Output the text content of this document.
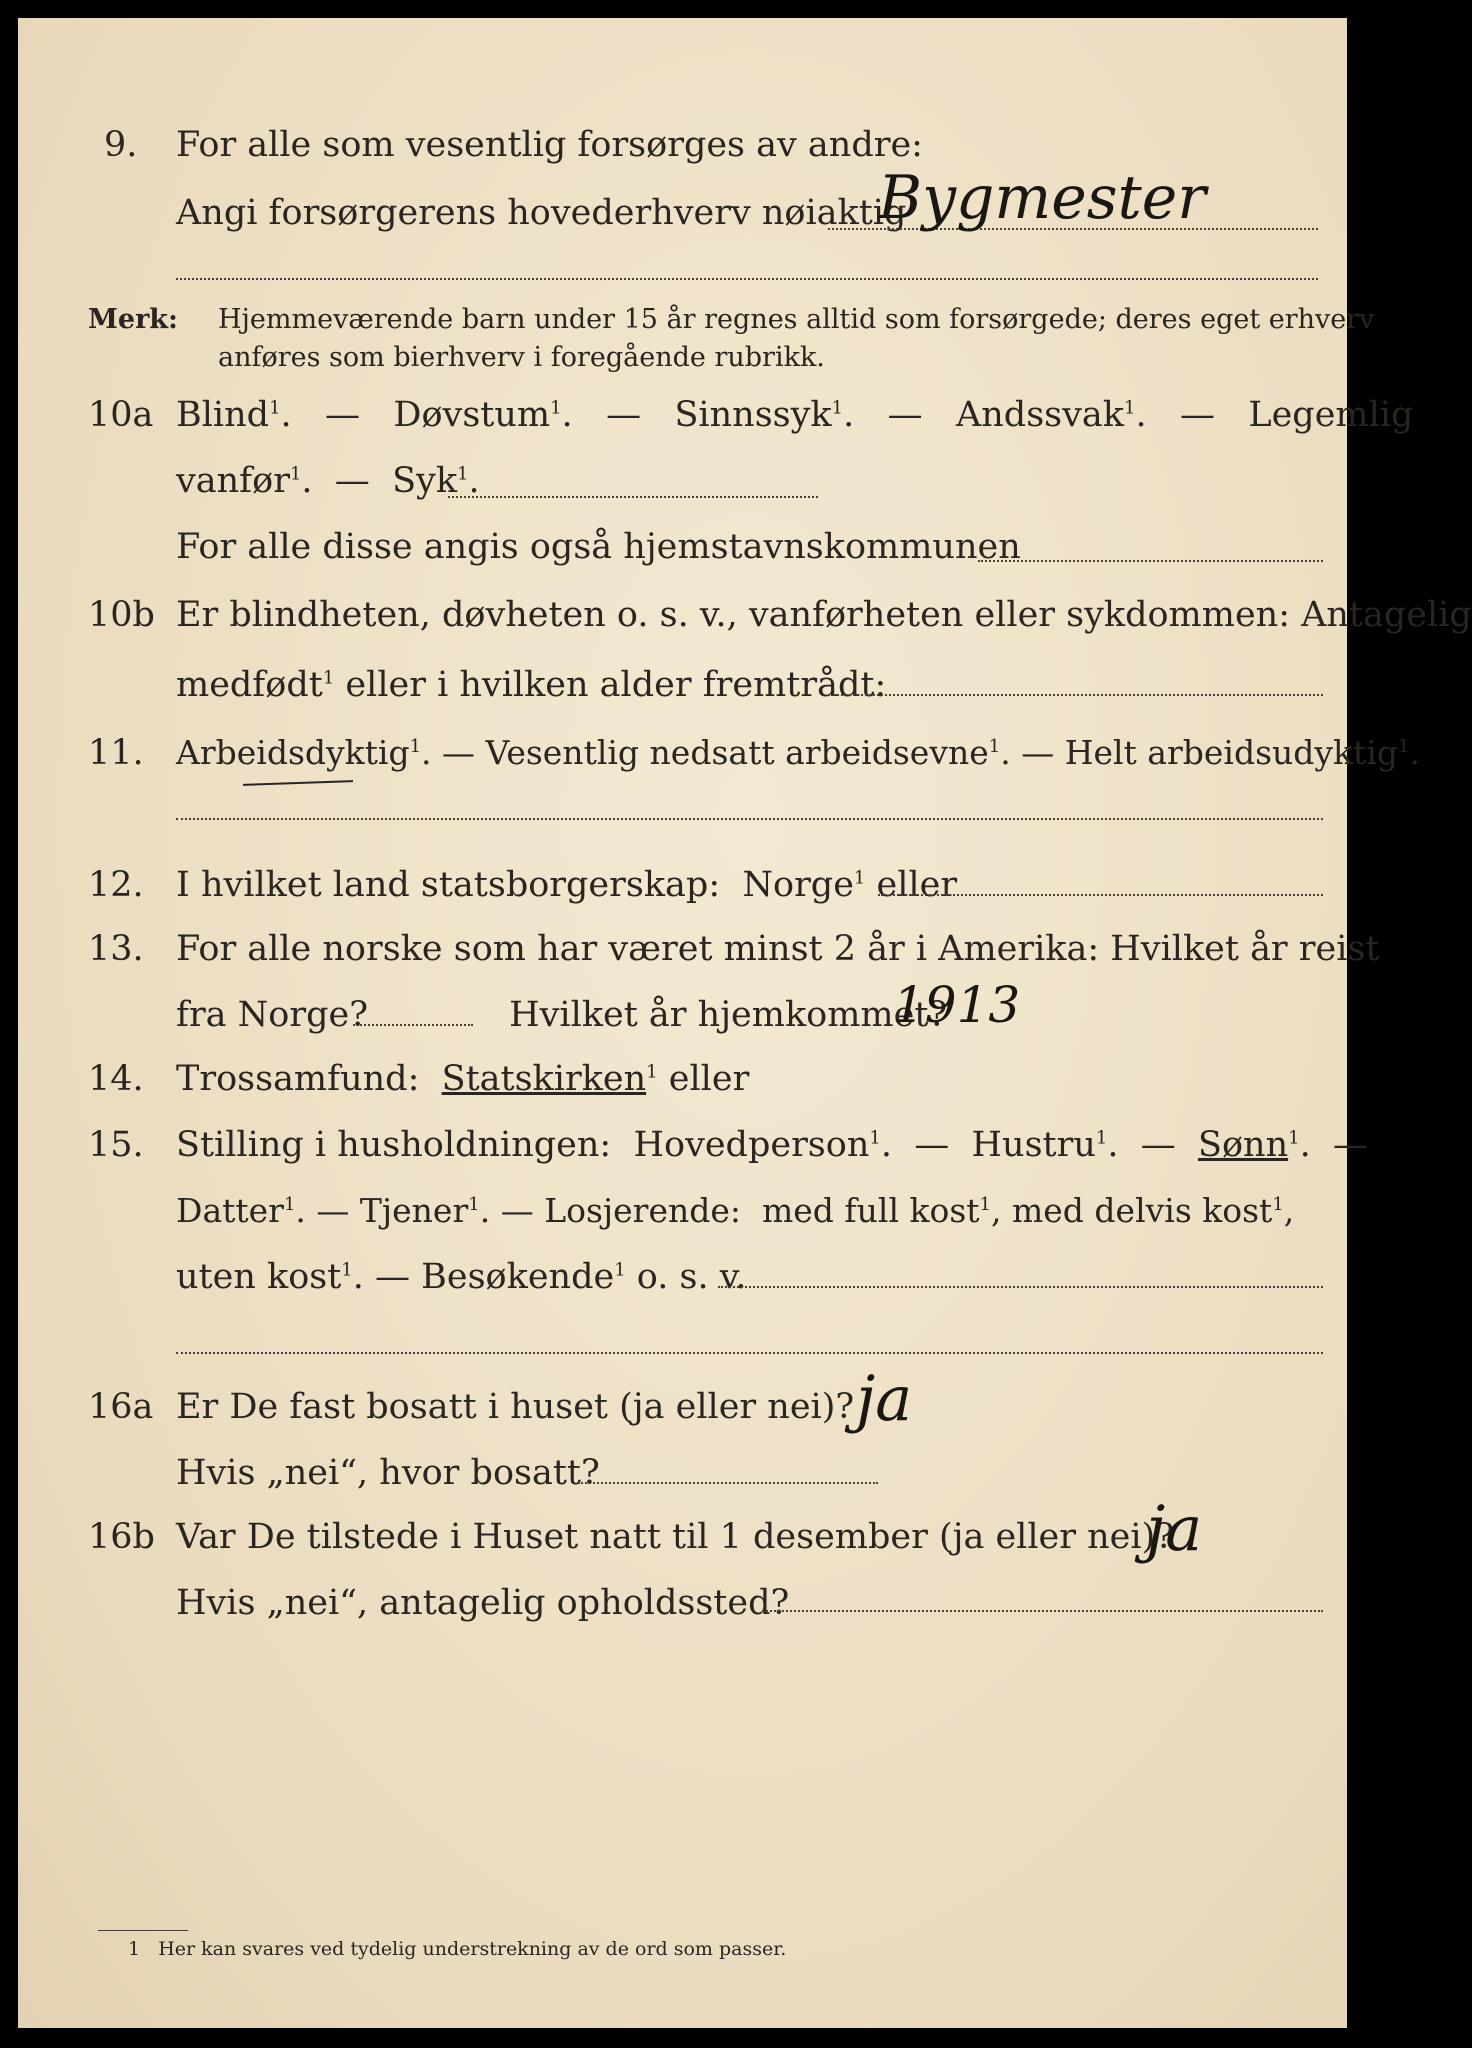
9. For alle som vesentlig forsørges av andre:
Angi forsørgerens hovederhverv nøiaktig
Bygmester
Merk: Hjemmeværende barn under 15 år regnes alltid som forsørgede; deres eget erhverv
anføres som bierhverv i foregående rubrikk.
10a Blind$^1$.   — Døvstum$^1$.   — Sinnssyk$^1$.   — Andssvak$^1$.   — Legemlig
vanfør$^1$.  — Syk$^1$.
For alle disse angis også hjemstavnskommunen
10b Er blindheten, døvheten o. s. v., vanførheten eller sykdommen: Antagelig
medfødt$^1$ eller i hvilken alder fremtrådt:
11. Arbeidsdyktig$^1$. — Vesentlig nedsatt arbeidsevne$^1$. — Helt arbeidsudyktig$^1$.
12. I hvilket land statsborgerskap: Norge$^1$ eller
13. For alle norske som har været minst 2 år i Amerika: Hvilket år reist
fra Norge?	Hvilket år hjemkommet?
1913
14. Trossamfund: Statskirken$^1$ eller
15. Stilling i husholdningen: Hovedperson$^1$.  — Hustru$^1$.  — Sønn$^1$.  —
Datter$^1$. — Tjener$^1$. — Losjerende: med full kost$^1$, med delvis kost$^1$,
uten kost$^1$. — Besøkende$^1$ o. s. v.
16a Er De fast bosatt i huset (ja eller nei)? ja
Hvis „nei“, hvor bosatt?
16b Var De tilstede i Huset natt til 1 desember (ja eller nei)?
ja
Hvis „nei“, antagelig opholdssted?
1 Her kan svares ved tydelig understrekning av de ord som passer.
